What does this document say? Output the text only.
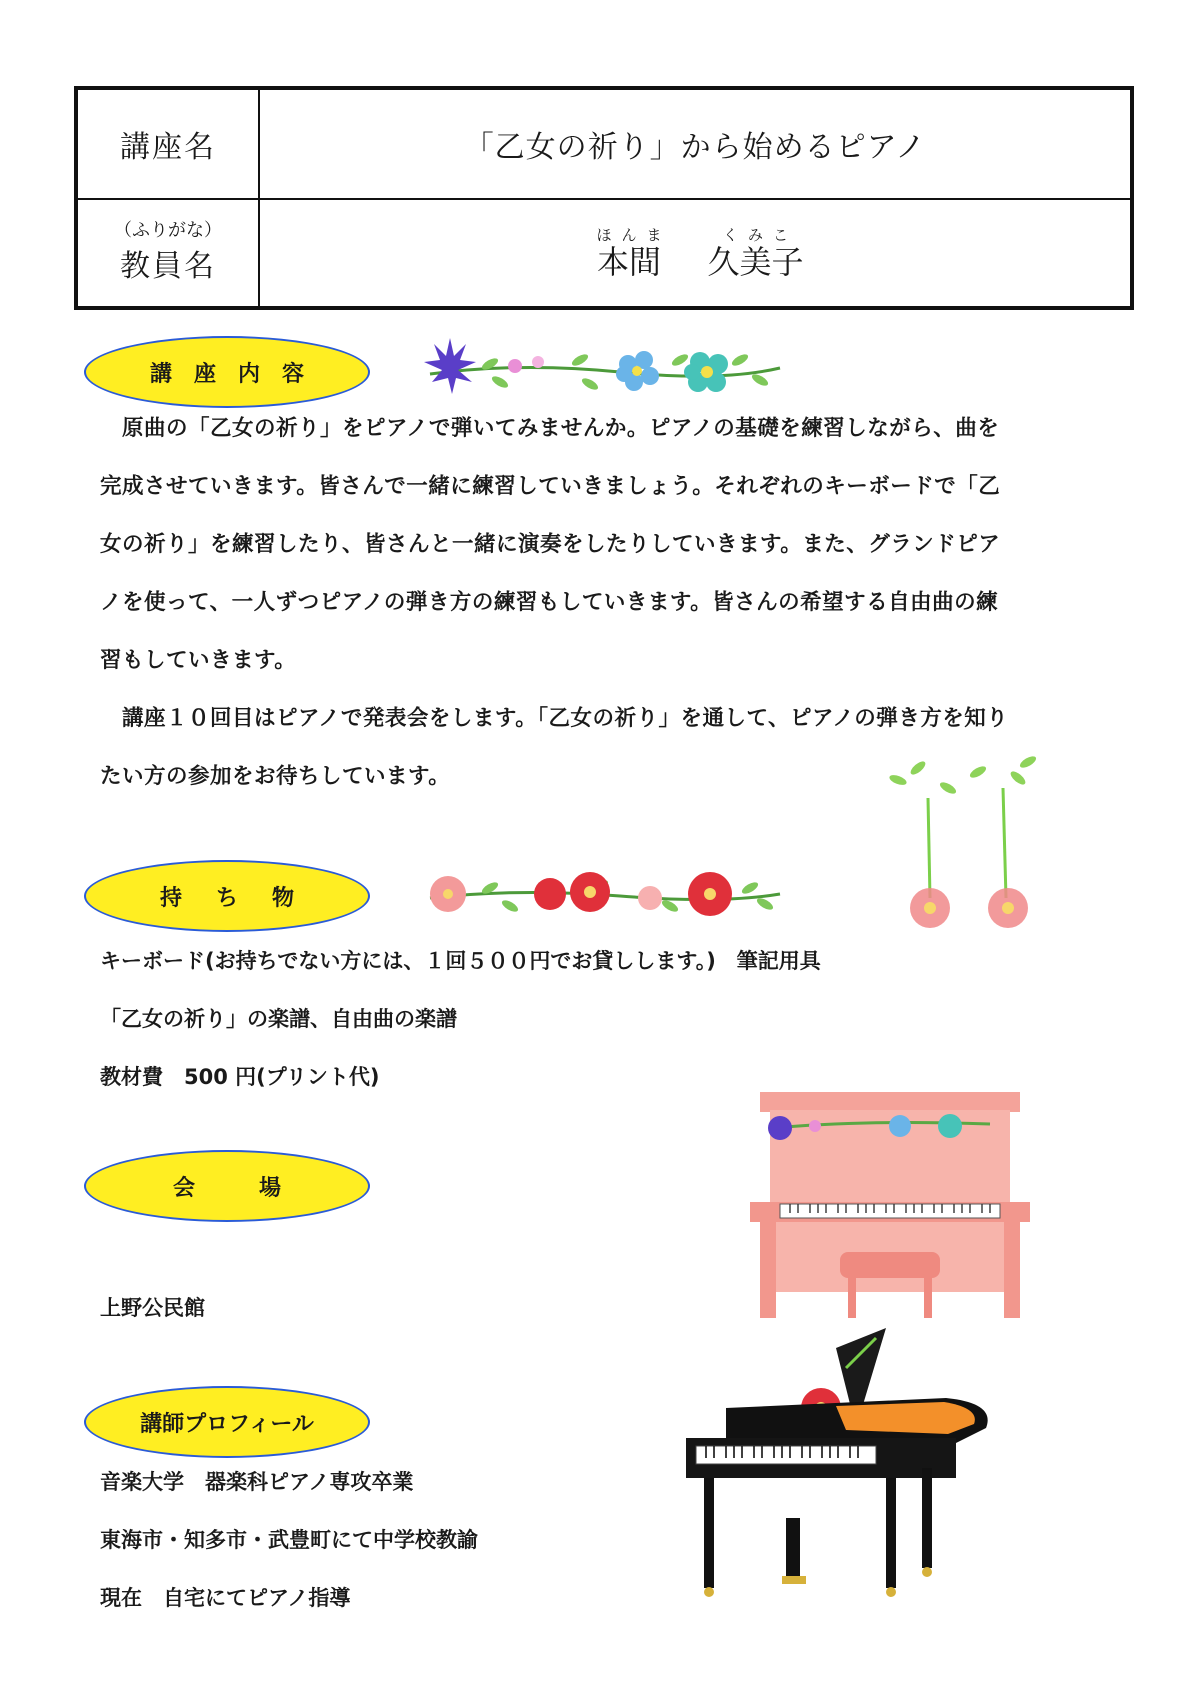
講座名	「乙女の祈り」から始めるピアノ
（ふりがな）
教員名
ほんま
本間
くみこ
久美子
講座内容
原曲の「乙女の祈り」をピアノで弾いてみませんか。ピアノの基礎を練習しながら、曲を
完成させていきます。皆さんで一緒に練習していきましょう。それぞれのキーボードで「乙
女の祈り」を練習したり、皆さんと一緒に演奏をしたりしていきます。また、グランドピア
ノを使って、一人ずつピアノの弾き方の練習もしていきます。皆さんの希望する自由曲の練
習もしていきます。
講座１０回目はピアノで発表会をします。「乙女の祈り」を通して、ピアノの弾き方を知り
たい方の参加をお待ちしています。
持ち物
キーボード(お持ちでない方には、１回５００円でお貸しします。)　筆記用具
「乙女の祈り」の楽譜、自由曲の楽譜
教材費　500 円(プリント代)
会場
上野公民館
講師プロフィール
音楽大学　器楽科ピアノ専攻卒業
東海市・知多市・武豊町にて中学校教諭
現在　自宅にてピアノ指導
